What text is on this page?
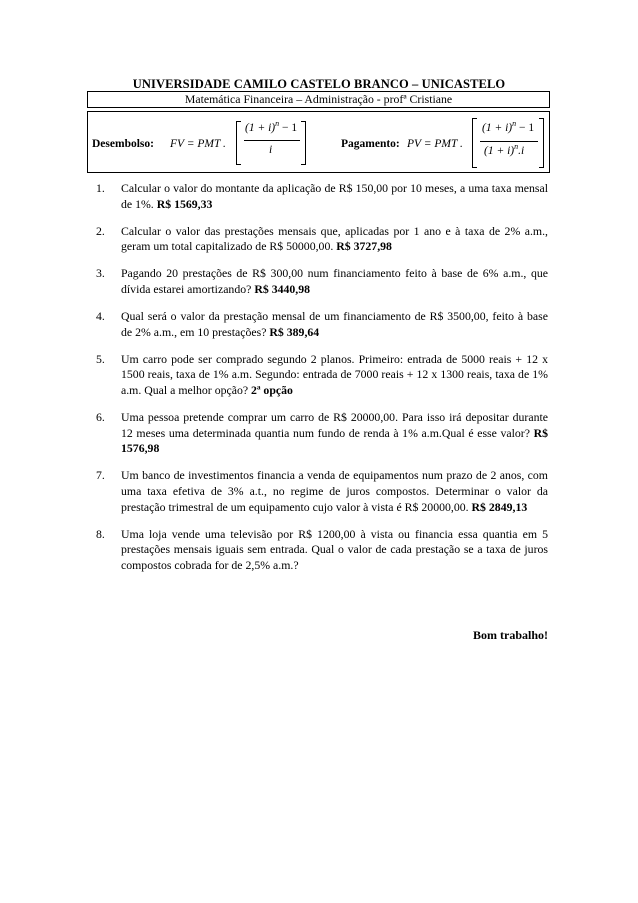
UNIVERSIDADE CAMILO CASTELO BRANCO – UNICASTELO
Matemática Financeira – Administração - profª Cristiane
Desembolso: FV = PMT .
$(1 + i)^n - 1$
i	Pagamento: PV = PMT .
$(1 + i)^n - 1$
$(1 + i)^n.i$
1. Calcular o valor do montante da aplicação de R$ 150,00 por 10 meses, a uma taxa mensal de 1%. R$ 1569,33
2. Calcular o valor das prestações mensais que, aplicadas por 1 ano e à taxa de 2% a.m., geram um total capitalizado de R$ 50000,00. R$ 3727,98
3. Pagando 20 prestações de R$ 300,00 num financiamento feito à base de 6% a.m., que dívida estarei amortizando? R$ 3440,98
4. Qual será o valor da prestação mensal de um financiamento de R$ 3500,00, feito à base de 2% a.m., em 10 prestações? R$ 389,64
5. Um carro pode ser comprado segundo 2 planos. Primeiro: entrada de 5000 reais + 12 x 1500 reais, taxa de 1% a.m. Segundo: entrada de 7000 reais + 12 x 1300 reais, taxa de 1% a.m. Qual a melhor opção? 2ª opção
6. Uma pessoa pretende comprar um carro de R$ 20000,00. Para isso irá depositar durante 12 meses uma determinada quantia num fundo de renda à 1% a.m.Qual é esse valor? R$ 1576,98
7. Um banco de investimentos financia a venda de equipamentos num prazo de 2 anos, com uma taxa efetiva de 3% a.t., no regime de juros compostos. Determinar o valor da prestação trimestral de um equipamento cujo valor à vista é R$ 20000,00. R$ 2849,13
8. Uma loja vende uma televisão por R$ 1200,00 à vista ou financia essa quantia em 5 prestações mensais iguais sem entrada. Qual o valor de cada prestação se a taxa de juros compostos cobrada for de 2,5% a.m.?
Bom trabalho!
